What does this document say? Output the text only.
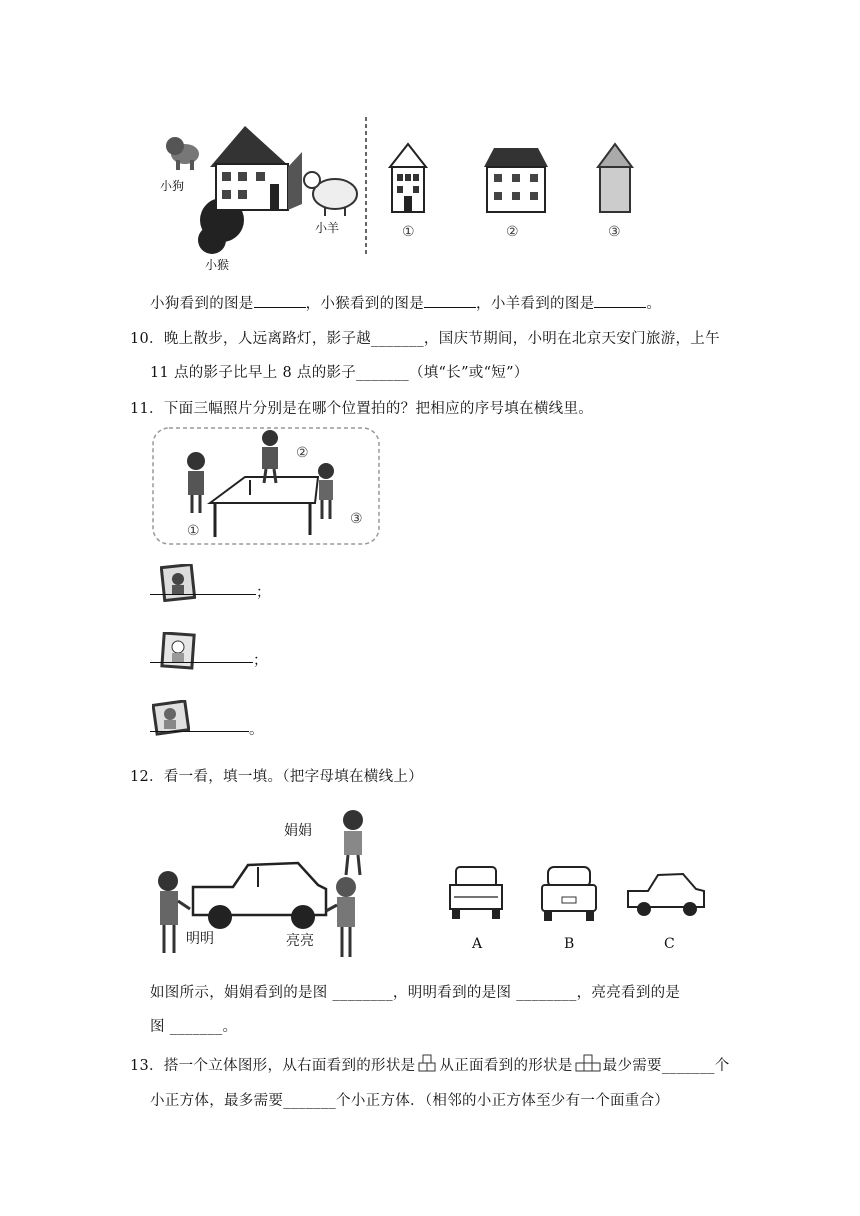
小狗
小猴
小羊	①	②	③
小狗看到的图是	，小猴看到的图是	，小羊看到的图是	。
10．晚上散步，人远离路灯，影子越_______，国庆节期间，小明在北京天安门旅游，上午
11 点的影子比早上 8 点的影子_______（填“长”或“短”）
11．下面三幅照片分别是在哪个位置拍的？把相应的序号填在横线里。
①
②
③
；
；
。
12．看一看，填一填。（把字母填在横线上）
明明
娟娟
亮亮	A	B	C
如图所示，娟娟看到的是图 ________，明明看到的是图 ________，亮亮看到的是
图 _______。
13．搭一个立体图形，从右面看到的形状是 从正面看到的形状是 最少需要_______个
小正方体，最多需要_______个小正方体．（相邻的小正方体至少有一个面重合）
